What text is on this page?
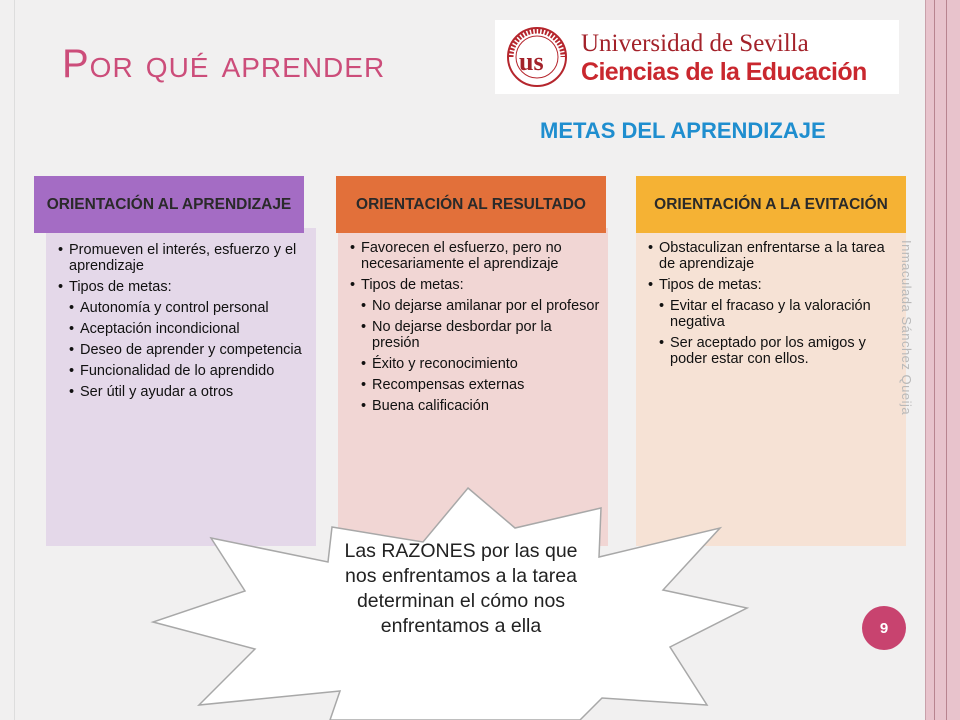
Por qué aprender	us
Universidad de Sevilla
Ciencias de la Educación
METAS DEL APRENDIZAJE
• Promueven el interés, esfuerzo y el aprendizaje
• Tipos de metas:
• Autonomía y control personal
• Aceptación incondicional
• Deseo de aprender y competencia
• Funcionalidad de lo aprendido
• Ser útil y ayudar a otros
ORIENTACIÓN AL APRENDIZAJE
• Favorecen el esfuerzo, pero no necesariamente el aprendizaje
• Tipos de metas:
• No dejarse amilanar por el profesor
• No dejarse desbordar por la presión
• Éxito y reconocimiento
• Recompensas externas
• Buena calificación
ORIENTACIÓN AL RESULTADO
• Obstaculizan enfrentarse a la tarea de aprendizaje
• Tipos de metas:
• Evitar el fracaso y la valoración negativa
• Ser aceptado por los amigos y poder estar con ellos.
ORIENTACIÓN A LA EVITACIÓN
Inmaculada Sánchez Queija
Las RAZONES por las que
nos enfrentamos a la tarea
determinan el cómo nos
enfrentamos a ella	9
